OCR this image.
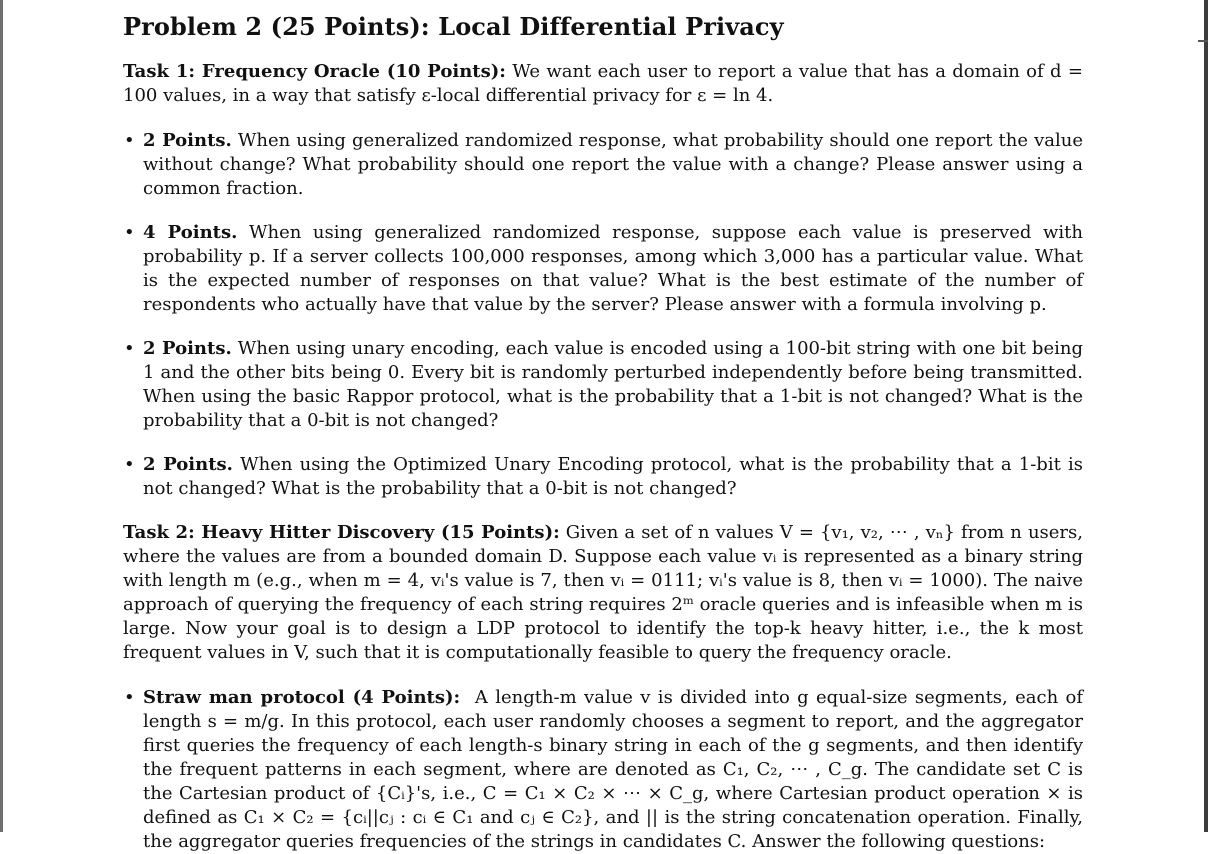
Problem 2 (25 Points): Local Differential Privacy

Task 1: Frequency Oracle (10 Points): We want each user to report a value that has a domain of d = 100 values, in a way that satisfy ε-local differential privacy for ε = ln 4.

• 2 Points. When using generalized randomized response, what probability should one report the value without change? What probability should one report the value with a change? Please answer using a common fraction.
• 4 Points. When using generalized randomized response, suppose each value is preserved with probability p. If a server collects 100,000 responses, among which 3,000 has a particular value. What is the expected number of responses on that value? What is the best estimate of the number of respondents who actually have that value by the server? Please answer with a formula involving p.
• 2 Points. When using unary encoding, each value is encoded using a 100-bit string with one bit being 1 and the other bits being 0. Every bit is randomly perturbed independently before being transmitted. When using the basic Rappor protocol, what is the probability that a 1-bit is not changed? What is the probability that a 0-bit is not changed?
• 2 Points. When using the Optimized Unary Encoding protocol, what is the probability that a 1-bit is not changed? What is the probability that a 0-bit is not changed?

Task 2: Heavy Hitter Discovery (15 Points): Given a set of n values V = {v₁, v₂, ⋯ , vₙ} from n users, where the values are from a bounded domain D. Suppose each value vᵢ is represented as a binary string with length m (e.g., when m = 4, vᵢ's value is 7, then vᵢ = 0111; vᵢ's value is 8, then vᵢ = 1000). The naive approach of querying the frequency of each string requires 2ᵐ oracle queries and is infeasible when m is large. Now your goal is to design a LDP protocol to identify the top-k heavy hitter, i.e., the k most frequent values in V, such that it is computationally feasible to query the frequency oracle.

• Straw man protocol (4 Points): A length-m value v is divided into g equal-size segments, each of length s = m/g. In this protocol, each user randomly chooses a segment to report, and the aggregator first queries the frequency of each length-s binary string in each of the g segments, and then identify the frequent patterns in each segment, where are denoted as C₁, C₂, ⋯ , C_g. The candidate set C is the Cartesian product of {Cᵢ}'s, i.e., C = C₁ × C₂ × ⋯ × C_g, where Cartesian product operation × is defined as C₁ × C₂ = {cᵢ||cⱼ : cᵢ ∈ C₁ and cⱼ ∈ C₂}, and || is the string concatenation operation. Finally, the aggregator queries frequencies of the strings in candidates C. Answer the following questions:
